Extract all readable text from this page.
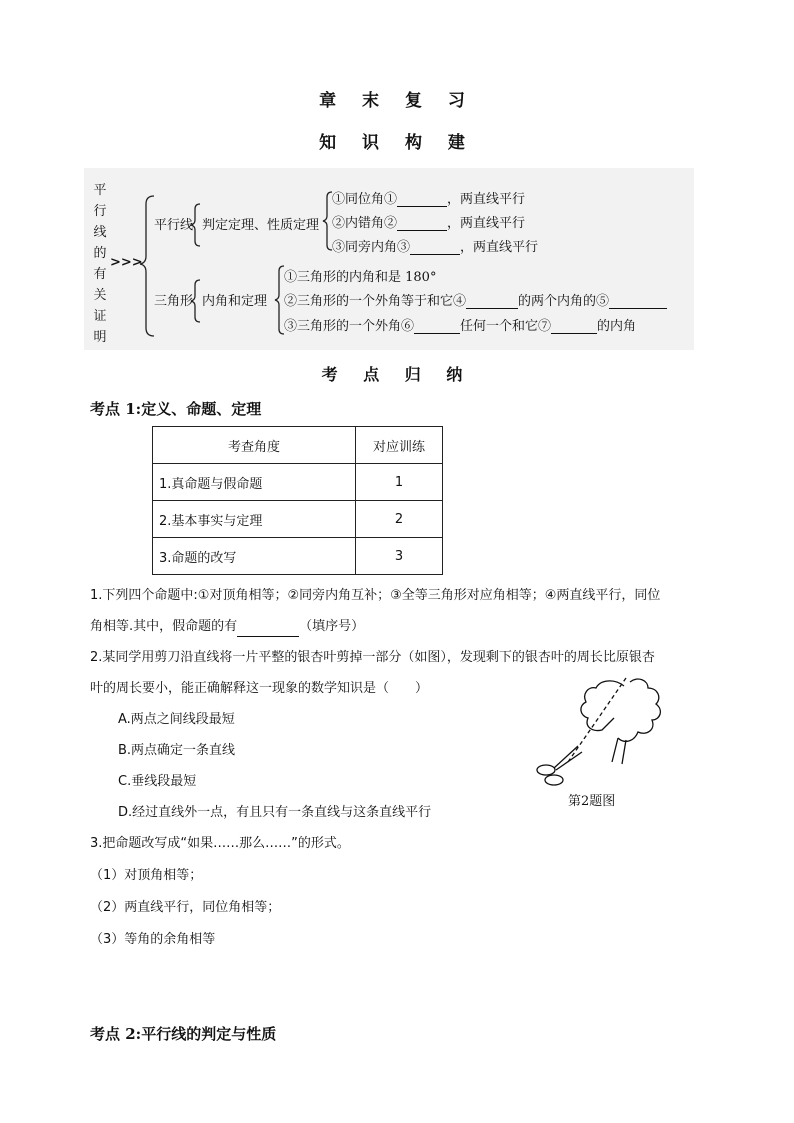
章 末 复 习
知 识 构 建
平
行
线
的
有
关
证
明
>>>
平行线 判定定理、性质定理
①同位角①	，两直线平行
②内错角②	，两直线平行
③同旁内角③	，两直线平行
三角形 内角和定理
①三角形的内角和是 180°
②三角形的一个外角等于和它④	的两个内角的⑤
③三角形的一个外角⑥	任何一个和它⑦	的内角
考 点 归 纳
考点 1:定义、命题、定理
考查角度	对应训练
1.真命题与假命题	1
2.基本事实与定理	2
3.命题的改写	3
1.下列四个命题中:①对顶角相等；②同旁内角互补；③全等三角形对应角相等；④两直线平行，同位
角相等.其中，假命题的有	（填序号）
2.某同学用剪刀沿直线将一片平整的银杏叶剪掉一部分（如图），发现剩下的银杏叶的周长比原银杏
叶的周长要小，能正确解释这一现象的数学知识是（　　）
A.两点之间线段最短
B.两点确定一条直线
C.垂线段最短
D.经过直线外一点，有且只有一条直线与这条直线平行
第2题图
3.把命题改写成“如果……那么……”的形式。
（1）对顶角相等；
（2）两直线平行，同位角相等；
（3）等角的余角相等
考点 2:平行线的判定与性质
